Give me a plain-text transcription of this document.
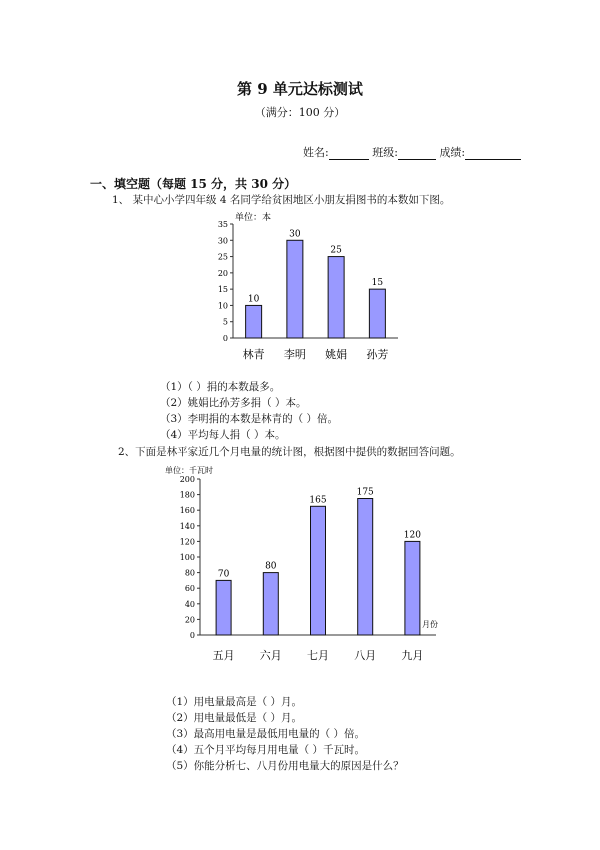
第 9 单元达标测试
（满分：100 分）
姓名:	班级:	成绩:
一、填空题（每题 15 分，共 30 分）
1、 某中心小学四年级 4 名同学给贫困地区小朋友捐图书的本数如下图。
单位：本
0
5
10
15
20
25
30
35
10
林青
30
李明
25
姚娟
15
孙芳
（1）（ ）捐的本数最多。
（2）姚娟比孙芳多捐（ ）本。
（3）李明捐的本数是林青的（ ）倍。
（4）平均每人捐（ ）本。
2、下面是林平家近几个月电量的统计图，根据图中提供的数据回答问题。
单位：千瓦时
月份
0
20
40
60
80
100
120
140
160
180
200
70
五月
80
六月
165
七月
175
八月
120
九月
（1）用电量最高是（ ）月。
（2）用电量最低是（ ）月。
（3）最高用电量是最低用电量的（ ）倍。
（4）五个月平均每月用电量（ ）千瓦时。
（5）你能分析七、八月份用电量大的原因是什么？
